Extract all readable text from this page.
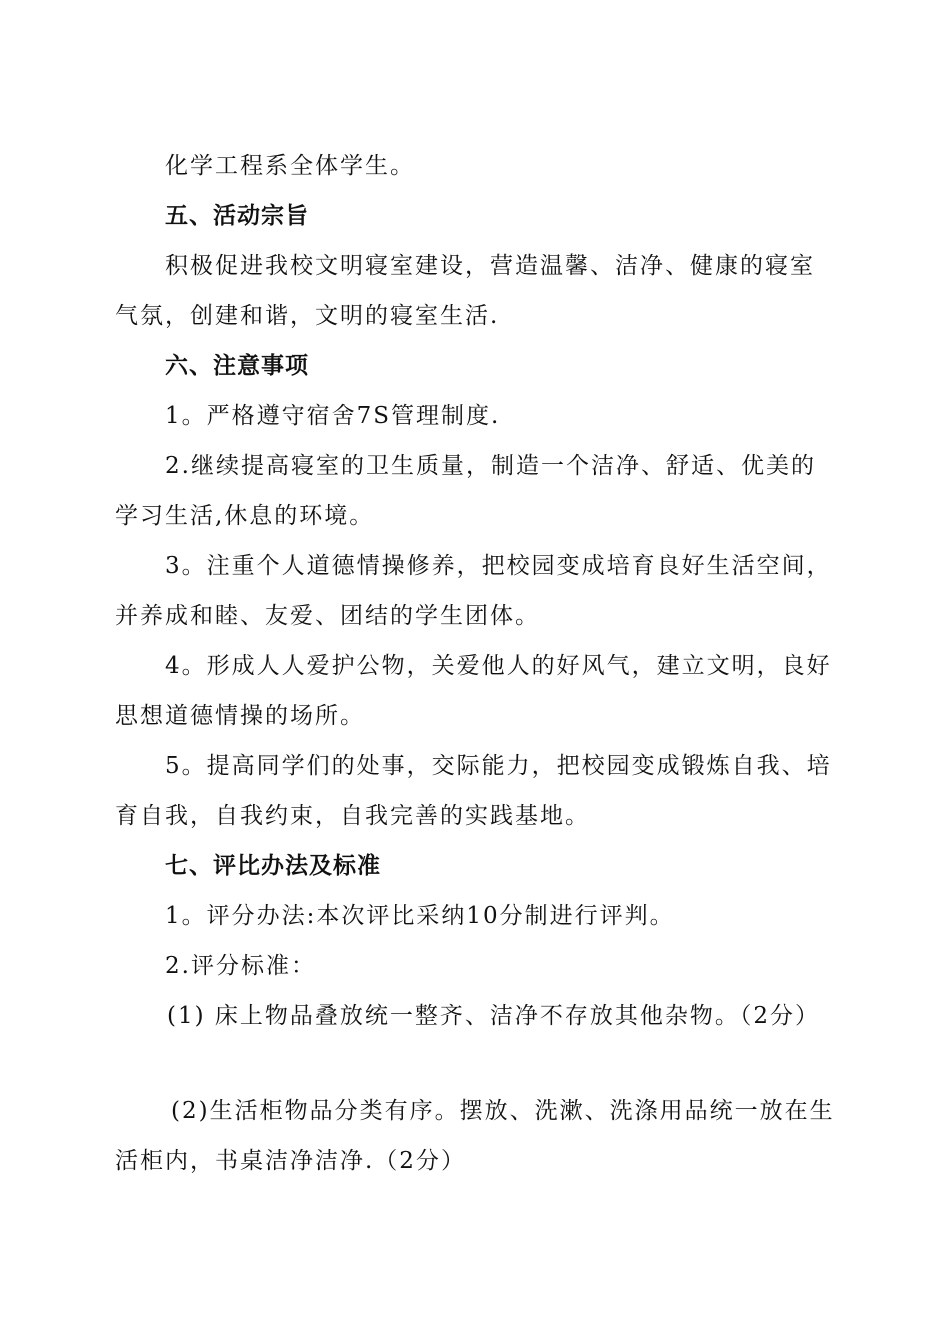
化学工程系全体学生。

五、活动宗旨

积极促进我校文明寝室建设，营造温馨、洁净、健康的寝室气氛，创建和谐，文明的寝室生活.

六、注意事项

1。严格遵守宿舍7S管理制度.

2.继续提高寝室的卫生质量，制造一个洁净、舒适、优美的学习生活,休息的环境。

3。注重个人道德情操修养，把校园变成培育良好生活空间，并养成和睦、友爱、团结的学生团体。

4。形成人人爱护公物，关爱他人的好风气，建立文明，良好思想道德情操的场所。

5。提高同学们的处事，交际能力，把校园变成锻炼自我、培育自我，自我约束，自我完善的实践基地。

七、评比办法及标准

1。评分办法:本次评比采纳10分制进行评判。

2.评分标准：

(1) 床上物品叠放统一整齐、洁净不存放其他杂物。（2分）

(2)生活柜物品分类有序。摆放、洗漱、洗涤用品统一放在生活柜内，书桌洁净洁净.（2分）
